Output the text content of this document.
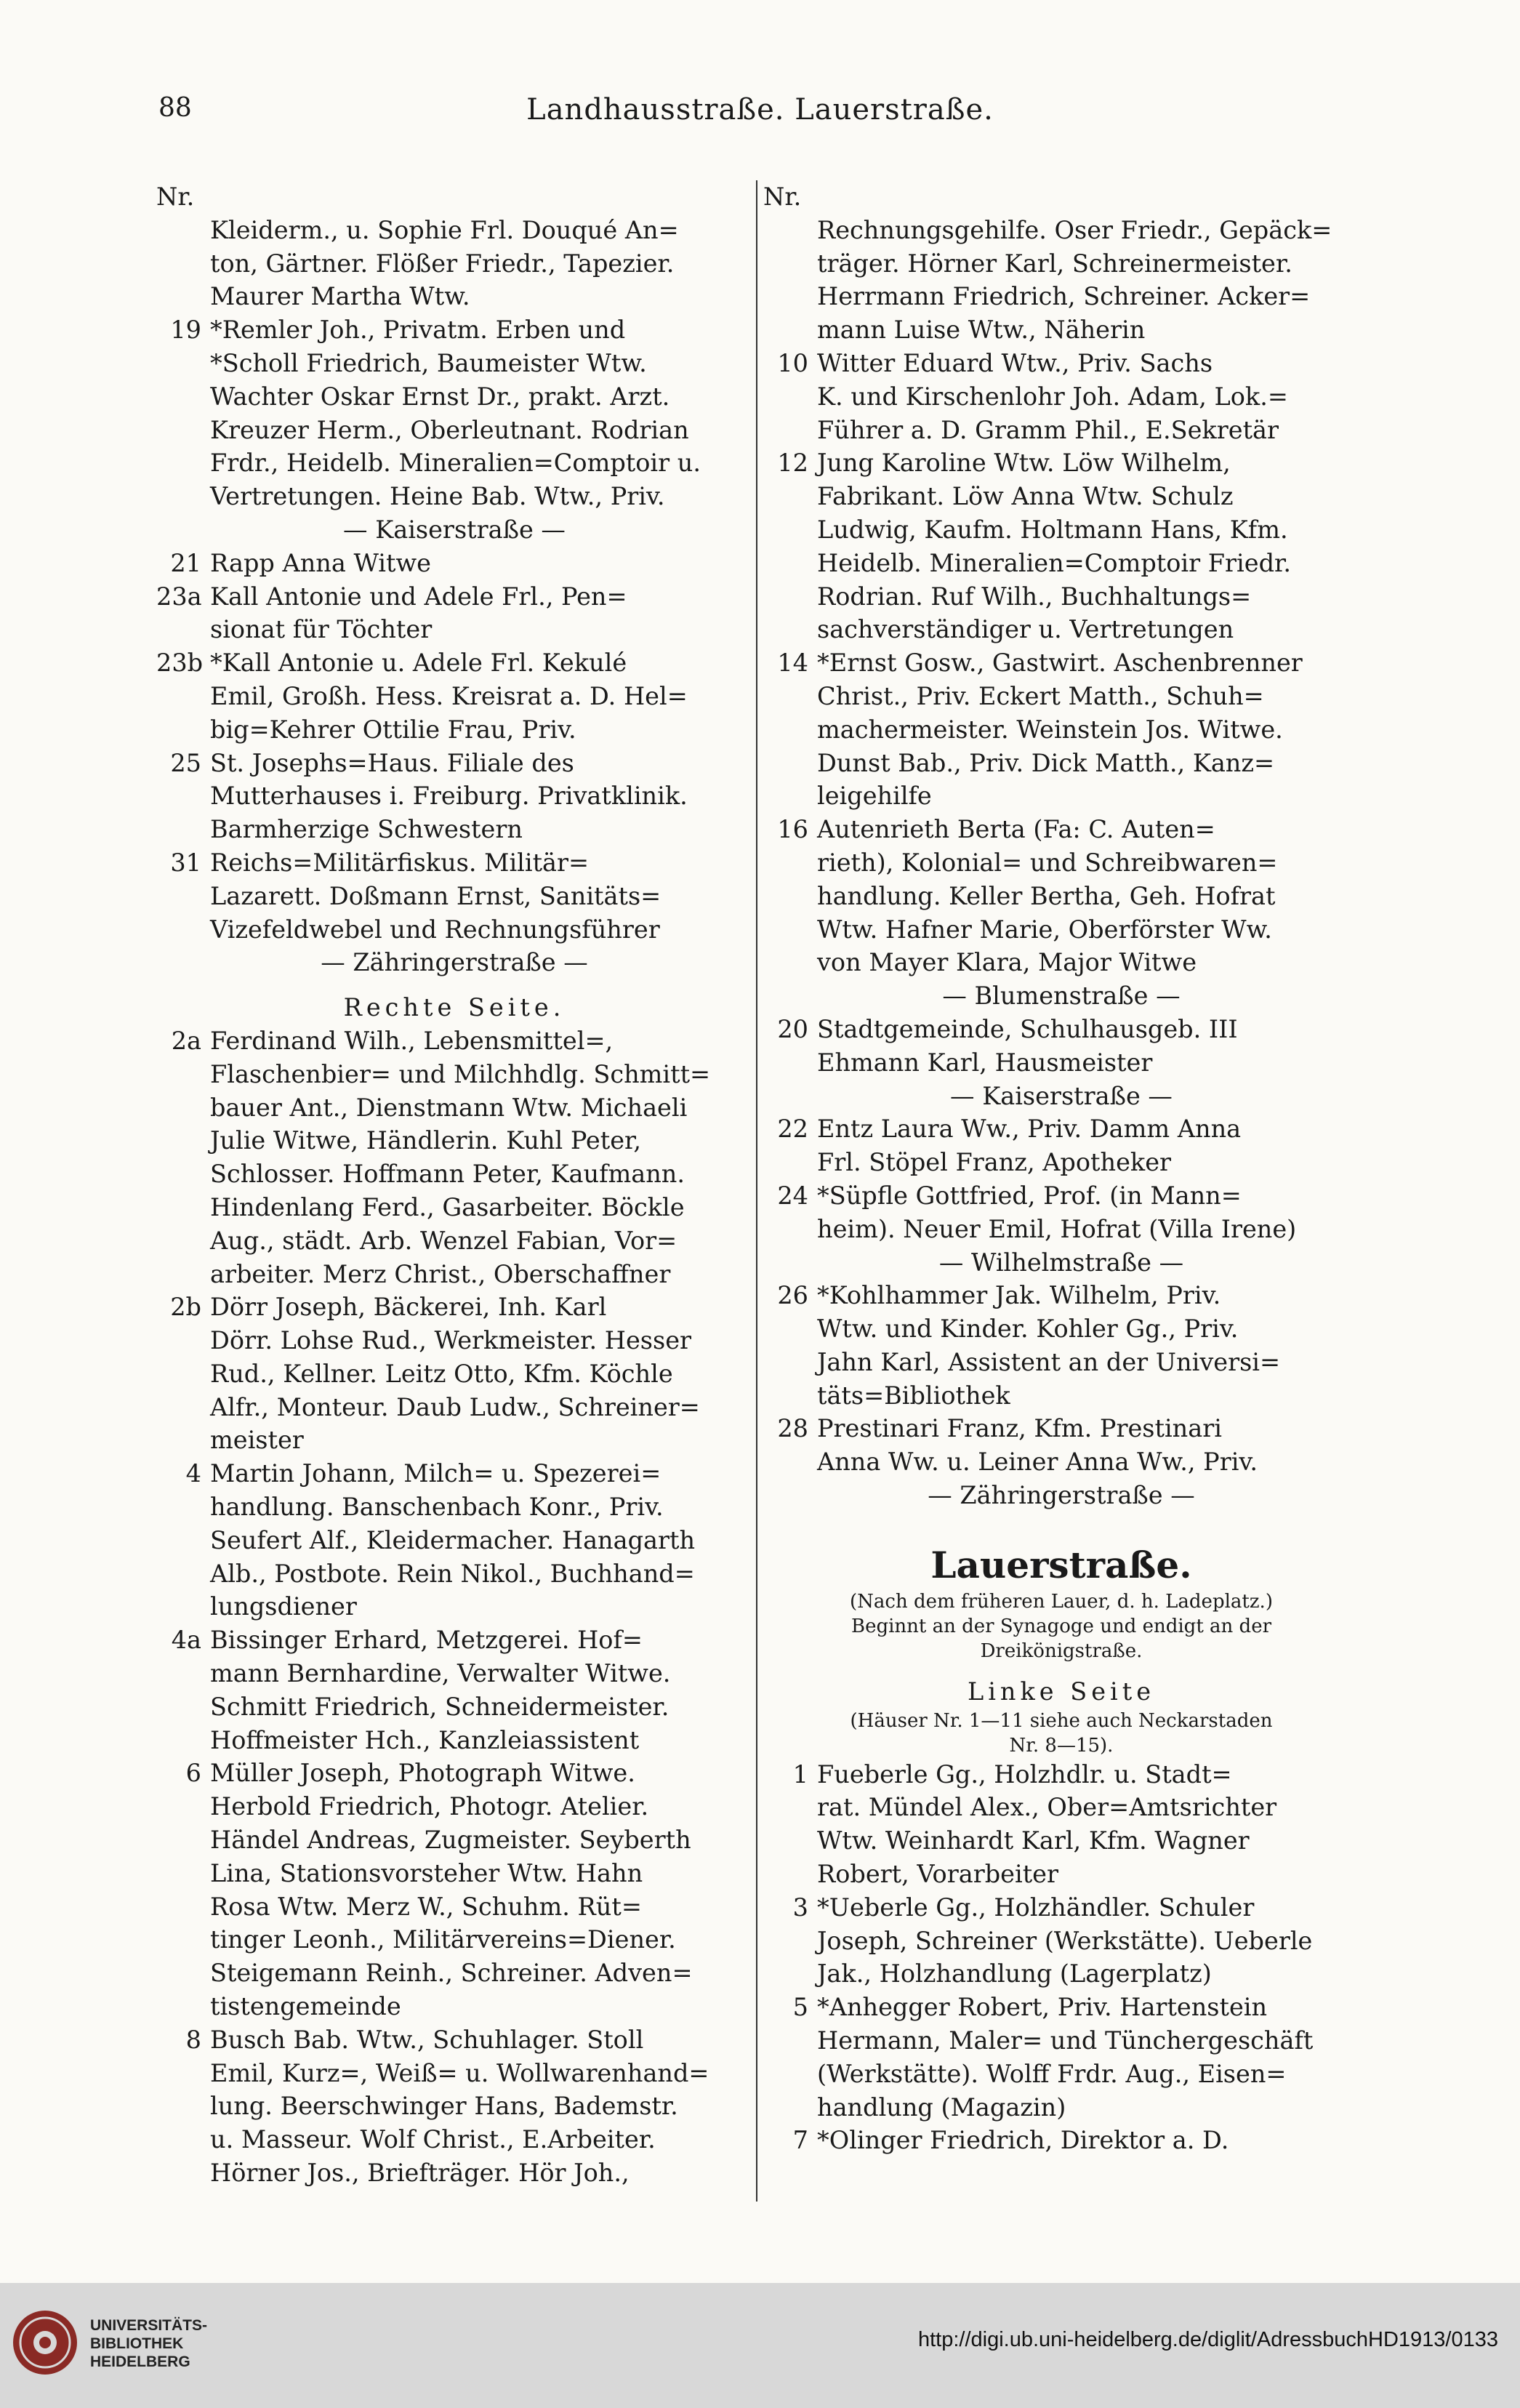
88	Landhausstraße. Lauerstraße.
Nr.
Kleiderm., u. Sophie Frl. Douqué An=
ton, Gärtner. Flößer Friedr., Tapezier.
Maurer Martha Wtw.
19 *Remler Joh., Privatm. Erben und
*Scholl Friedrich, Baumeister Wtw.
Wachter Oskar Ernst Dr., prakt. Arzt.
Kreuzer Herm., Oberleutnant. Rodrian
Frdr., Heidelb. Mineralien=Comptoir u.
Vertretungen. Heine Bab. Wtw., Priv.
— Kaiserstraße —
21 Rapp Anna Witwe
23a Kall Antonie und Adele Frl., Pen=
sionat für Töchter
23b *Kall Antonie u. Adele Frl. Kekulé
Emil, Großh. Hess. Kreisrat a. D. Hel=
big=Kehrer Ottilie Frau, Priv.
25 St. Josephs=Haus. Filiale des
Mutterhauses i. Freiburg. Privatklinik.
Barmherzige Schwestern
31 Reichs=Militärfiskus. Militär=
Lazarett. Doßmann Ernst, Sanitäts=
Vizefeldwebel und Rechnungsführer
— Zähringerstraße —
Rechte Seite.
2a Ferdinand Wilh., Lebensmittel=,
Flaschenbier= und Milchhdlg. Schmitt=
bauer Ant., Dienstmann Wtw. Michaeli
Julie Witwe, Händlerin. Kuhl Peter,
Schlosser. Hoffmann Peter, Kaufmann.
Hindenlang Ferd., Gasarbeiter. Böckle
Aug., städt. Arb. Wenzel Fabian, Vor=
arbeiter. Merz Christ., Oberschaffner
2b Dörr Joseph, Bäckerei, Inh. Karl
Dörr. Lohse Rud., Werkmeister. Hesser
Rud., Kellner. Leitz Otto, Kfm. Köchle
Alfr., Monteur. Daub Ludw., Schreiner=
meister
4 Martin Johann, Milch= u. Spezerei=
handlung. Banschenbach Konr., Priv.
Seufert Alf., Kleidermacher. Hanagarth
Alb., Postbote. Rein Nikol., Buchhand=
lungsdiener
4a Bissinger Erhard, Metzgerei. Hof=
mann Bernhardine, Verwalter Witwe.
Schmitt Friedrich, Schneidermeister.
Hoffmeister Hch., Kanzleiassistent
6 Müller Joseph, Photograph Witwe.
Herbold Friedrich, Photogr. Atelier.
Händel Andreas, Zugmeister. Seyberth
Lina, Stationsvorsteher Wtw. Hahn
Rosa Wtw. Merz W., Schuhm. Rüt=
tinger Leonh., Militärvereins=Diener.
Steigemann Reinh., Schreiner. Adven=
tistengemeinde
8 Busch Bab. Wtw., Schuhlager. Stoll
Emil, Kurz=, Weiß= u. Wollwarenhand=
lung. Beerschwinger Hans, Bademstr.
u. Masseur. Wolf Christ., E.Arbeiter.
Hörner Jos., Briefträger. Hör Joh.,
Nr.
Rechnungsgehilfe. Oser Friedr., Gepäck=
träger. Hörner Karl, Schreinermeister.
Herrmann Friedrich, Schreiner. Acker=
mann Luise Wtw., Näherin
10 Witter Eduard Wtw., Priv. Sachs
K. und Kirschenlohr Joh. Adam, Lok.=
Führer a. D. Gramm Phil., E.Sekretär
12 Jung Karoline Wtw. Löw Wilhelm,
Fabrikant. Löw Anna Wtw. Schulz
Ludwig, Kaufm. Holtmann Hans, Kfm.
Heidelb. Mineralien=Comptoir Friedr.
Rodrian. Ruf Wilh., Buchhaltungs=
sachverständiger u. Vertretungen
14 *Ernst Gosw., Gastwirt. Aschenbrenner
Christ., Priv. Eckert Matth., Schuh=
machermeister. Weinstein Jos. Witwe.
Dunst Bab., Priv. Dick Matth., Kanz=
leigehilfe
16 Autenrieth Berta (Fa: C. Auten=
rieth), Kolonial= und Schreibwaren=
handlung. Keller Bertha, Geh. Hofrat
Wtw. Hafner Marie, Oberförster Ww.
von Mayer Klara, Major Witwe
— Blumenstraße —
20 Stadtgemeinde, Schulhausgeb. III
Ehmann Karl, Hausmeister
— Kaiserstraße —
22 Entz Laura Ww., Priv. Damm Anna
Frl. Stöpel Franz, Apotheker
24 *Süpfle Gottfried, Prof. (in Mann=
heim). Neuer Emil, Hofrat (Villa Irene)
— Wilhelmstraße —
26 *Kohlhammer Jak. Wilhelm, Priv.
Wtw. und Kinder. Kohler Gg., Priv.
Jahn Karl, Assistent an der Universi=
täts=Bibliothek
28 Prestinari Franz, Kfm. Prestinari
Anna Ww. u. Leiner Anna Ww., Priv.
— Zähringerstraße —
Lauerstraße.
(Nach dem früheren Lauer, d. h. Ladeplatz.)
Beginnt an der Synagoge und endigt an der
Dreikönigstraße.
Linke Seite
(Häuser Nr. 1—11 siehe auch Neckarstaden
Nr. 8—15).
1 Fueberle Gg., Holzhdlr. u. Stadt=
rat. Mündel Alex., Ober=Amtsrichter
Wtw. Weinhardt Karl, Kfm. Wagner
Robert, Vorarbeiter
3 *Ueberle Gg., Holzhändler. Schuler
Joseph, Schreiner (Werkstätte). Ueberle
Jak., Holzhandlung (Lagerplatz)
5 *Anhegger Robert, Priv. Hartenstein
Hermann, Maler= und Tünchergeschäft
(Werkstätte). Wolff Frdr. Aug., Eisen=
handlung (Magazin)
7 *Olinger Friedrich, Direktor a. D.
UNIVERSITÄTS-
BIBLIOTHEK
HEIDELBERG
http://digi.ub.uni-heidelberg.de/diglit/AdressbuchHD1913/0133
